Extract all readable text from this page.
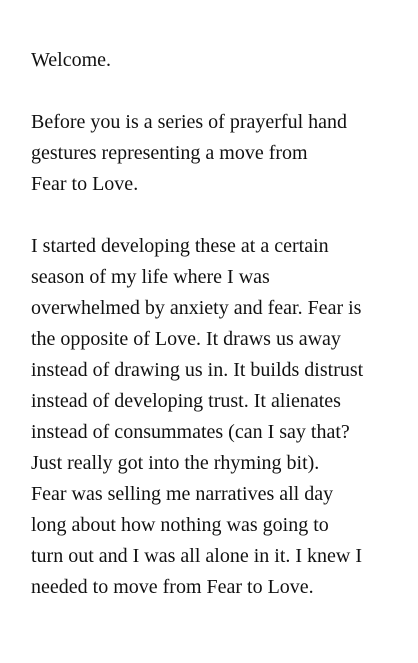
Welcome.

Before you is a series of prayerful hand
gestures representing a move from
Fear to Love.

I started developing these at a certain
season of my life where I was
overwhelmed by anxiety and fear. Fear is
the opposite of Love. It draws us away
instead of drawing us in. It builds distrust
instead of developing trust. It alienates
instead of consummates (can I say that?
Just really got into the rhyming bit).
Fear was selling me narratives all day
long about how nothing was going to
turn out and I was all alone in it. I knew I
needed to move from Fear to Love.
